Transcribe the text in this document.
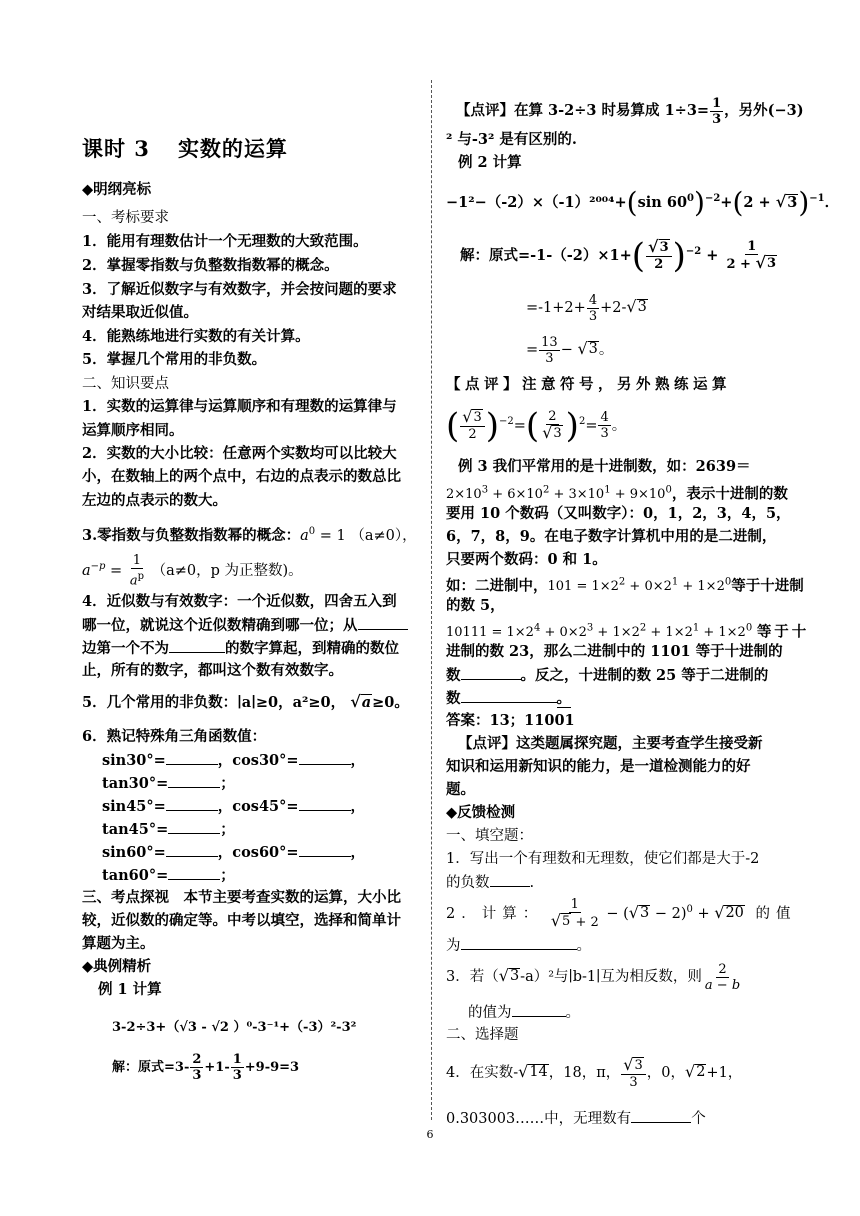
课时 3 实数的运算
◆明纲亮标
一、考标要求
1．能用有理数估计一个无理数的大致范围。
2．掌握零指数与负整数指数幂的概念。
3．了解近似数字与有效数字，并会按问题的要求
对结果取近似值。
4．能熟练地进行实数的有关计算。
5．掌握几个常用的非负数。
二、知识要点
1．实数的运算律与运算顺序和有理数的运算律与
运算顺序相同。
2．实数的大小比较：任意两个实数均可以比较大
小，在数轴上的两个点中，右边的点表示的数总比
左边的点表示的数大。
3.零指数与负整数指数幂的概念：$a^0 = 1$ （a≠0），
$a^{-p} = \frac{1}{a^p} (a\ne 0$，p 为正整数)。
4．近似数与有效数字：一个近似数，四舍五入到
哪一位，就说这个近似数精确到哪一位；从
边第一个不为	的数字算起，到精确的数位
止，所有的数字，都叫这个数有效数字。
5．几个常用的非负数：∣a∣≥0，a²≥0， √ a ≥0。
6．熟记特殊角三角函数值：
sin30°=	，cos30°=	，
tan30°=	；
sin45°=	，cos45°=	，
tan45°=	；
sin60°=	，cos60°=	，
tan60°=	；
三、考点探视　本节主要考查实数的运算，大小比
较，近似数的确定等。中考以填空，选择和简单计
算题为主。
◆典例精析
例 1 计算
3-2÷3+（√3 - √2 ）⁰-3⁻¹+（-3）²-3²
解：原式$=3- \frac{2}{3} +1- \frac{1}{3} +9-9=3$
【点评】在算 3-2÷3 时易算成 $1\div 3= \frac{1}{3}$ ，另外(−3)
² 与-3² 是有区别的.
例 2 计算
−1²−（-2）×（-1）²⁰⁰⁴+(sin $60^0)^{-2}+(2$ + √ 3 )$^{-1}$．
解：原式$=-1-(-2)\times 1+( \frac{√ 3}{2} )^{-2} + \frac{1}{2 + √ 3}$
$=-1+2+ \frac{4}{3} +2-$ √ 3
= $\frac{13}{3}$ − √ 3 。
【点评】注意符号，另外熟练运算
( $\frac{√ 3}{2} )^{-2}=( \frac{2}{√ 3} )^2= \frac{4}{3}$ 。
例 3 我们平常用的是十进制数，如：2639＝
$2\times 10^3 + 6\times 10^2 + 3\times 10^1 + 9\times 10^0$，表示十进制的数
要用 10 个数码（又叫数字）：0，1，2，3，4，5，
6，7，8，9。在电子数字计算机中用的是二进制，
只要两个数码：0 和 1。
如：二进制中，$101 = 1\times 2^2 + 0\times 2^1 + 1\times 2^0$等于十进制
的数 5，
$10111 = 1\times 2^4 + 0\times 2^3 + 1\times 2^2 + 1\times 2^1 + 1\times 2^0$ 等于十
进制的数 23，那么二进制中的 1101 等于十进制的
数	。反之，十进制的数 25 等于二进制的
数	。
答案：13；11001
【点评】这类题属探究题，主要考查学生接受新
知识和运用新知识的能力，是一道检测能力的好
题。
◆反馈检测
一、填空题：
1．写出一个有理数和无理数，使它们都是大于-2
的负数	.
2．计算： $\frac{1}{√ 5 + 2}$ − ( √ 3 − 2)$^0$ + √ 20 的值
为	。
3．若（ √ 3 -a）²与∣b-1∣互为相反数，则 $\frac{2}{a - b}$
的值为	。
二、选择题
4．在实数- √ 14 ，18，π， $\frac{√ 3}{3}$ ，0， √ 2 +1，
0.303003……中，无理数有	个
6
